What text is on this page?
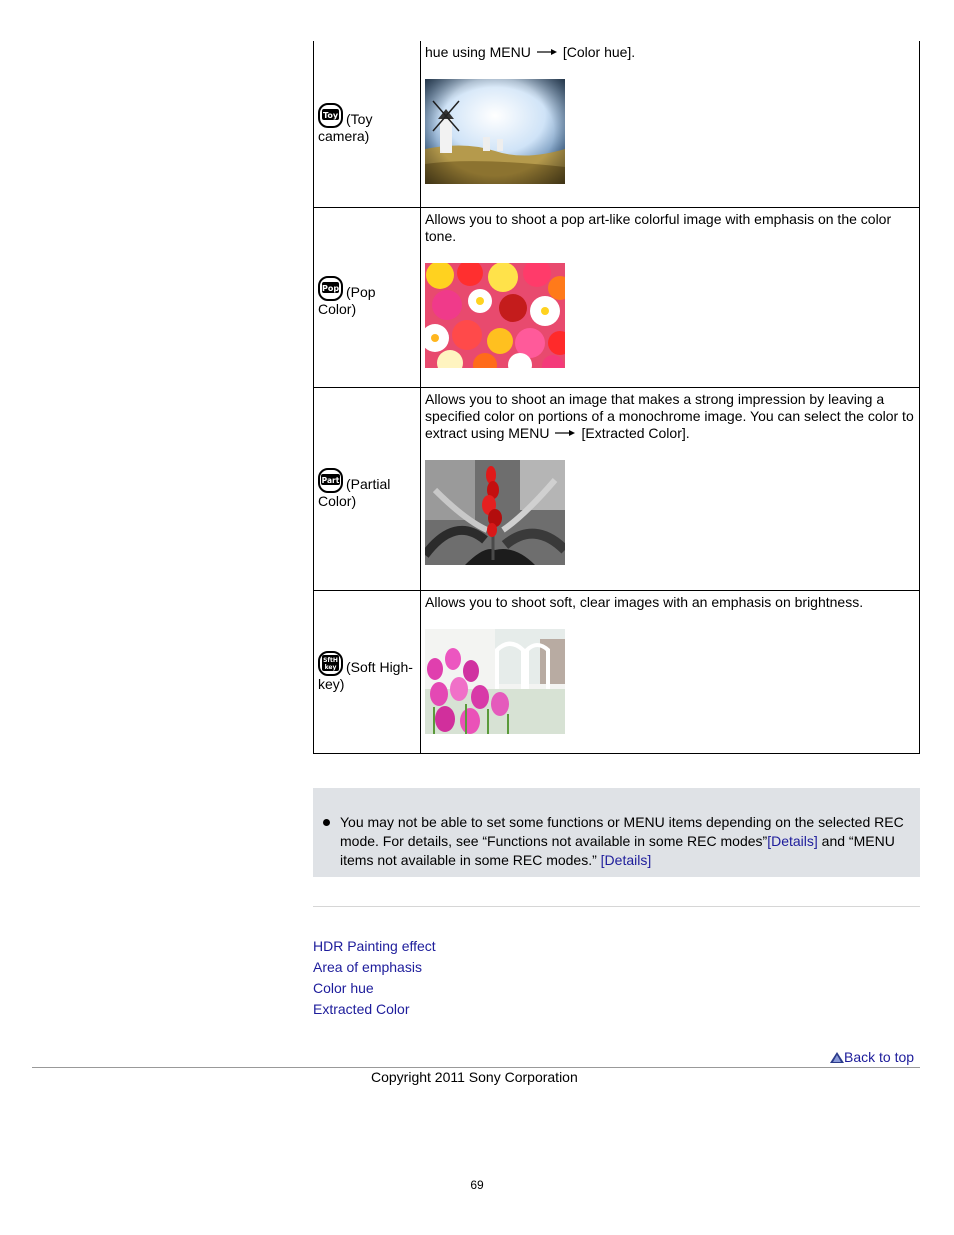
Toy (Toy camera)	hue using MENU [Color hue].

Pop (Pop Color)	Allows you to shoot a pop art-like colorful image with emphasis on the color tone.

Part (Partial Color)	Allows you to shoot an image that makes a strong impression by leaving a specified color on portions of a monochrome image. You can select the color to extract using MENU [Extracted Color].

SftH
key (Soft High-key)	Allows you to shoot soft, clear images with an emphasis on brightness.

You may not be able to set some functions or MENU items depending on the selected REC mode. For details, see “Functions not available in some REC modes”[Details] and “MENU items not available in some REC modes.” [Details]
HDR Painting effect
Area of emphasis
Color hue
Extracted Color
Back to top
Copyright 2011 Sony Corporation
69
